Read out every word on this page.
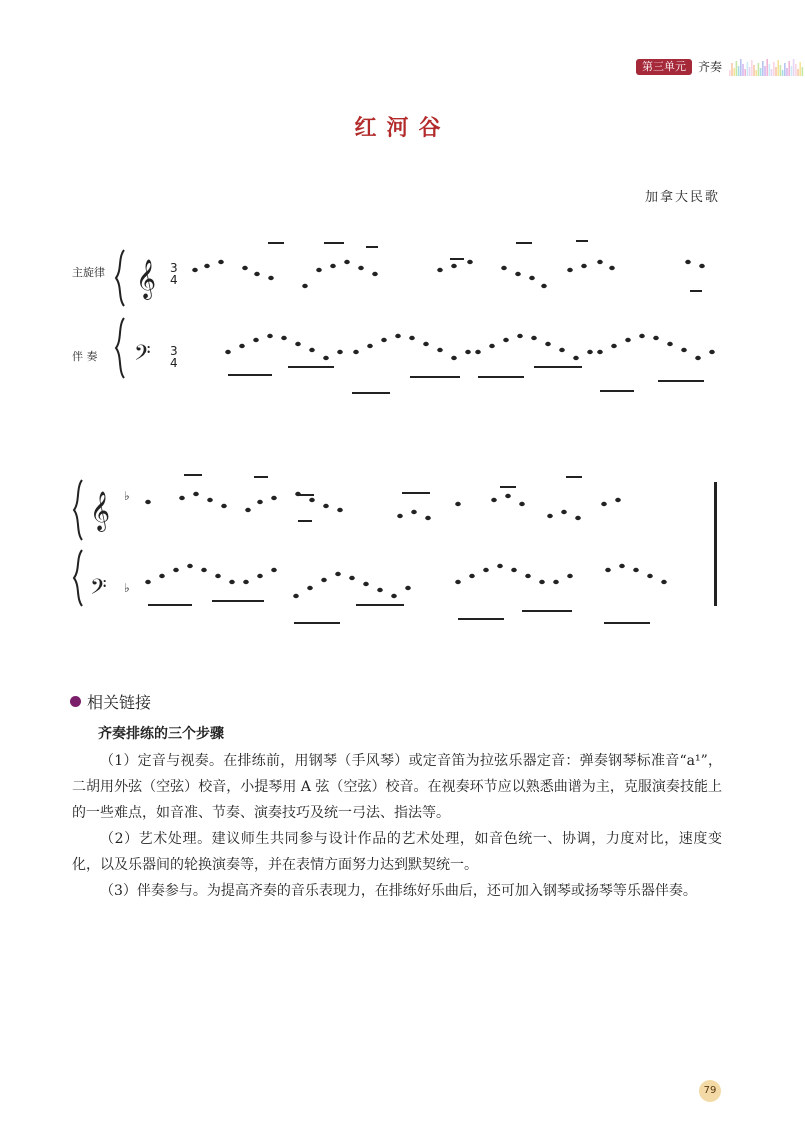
第三单元	齐奏
红河谷
加拿大民歌
主旋律
伴 奏
𝄞
𝄢
3
4
3
4
𝄞
𝄢
♭
♭
相关链接
齐奏排练的三个步骤

（1）定音与视奏。在排练前，用钢琴（手风琴）或定音笛为拉弦乐器定音：弹奏钢琴标准音“a¹”，二胡用外弦（空弦）校音，小提琴用 A 弦（空弦）校音。在视奏环节应以熟悉曲谱为主，克服演奏技能上的一些难点，如音准、节奏、演奏技巧及统一弓法、指法等。

（2）艺术处理。建议师生共同参与设计作品的艺术处理，如音色统一、协调，力度对比，速度变化，以及乐器间的轮换演奏等，并在表情方面努力达到默契统一。

（3）伴奏参与。为提高齐奏的音乐表现力，在排练好乐曲后，还可加入钢琴或扬琴等乐器伴奏。

79
